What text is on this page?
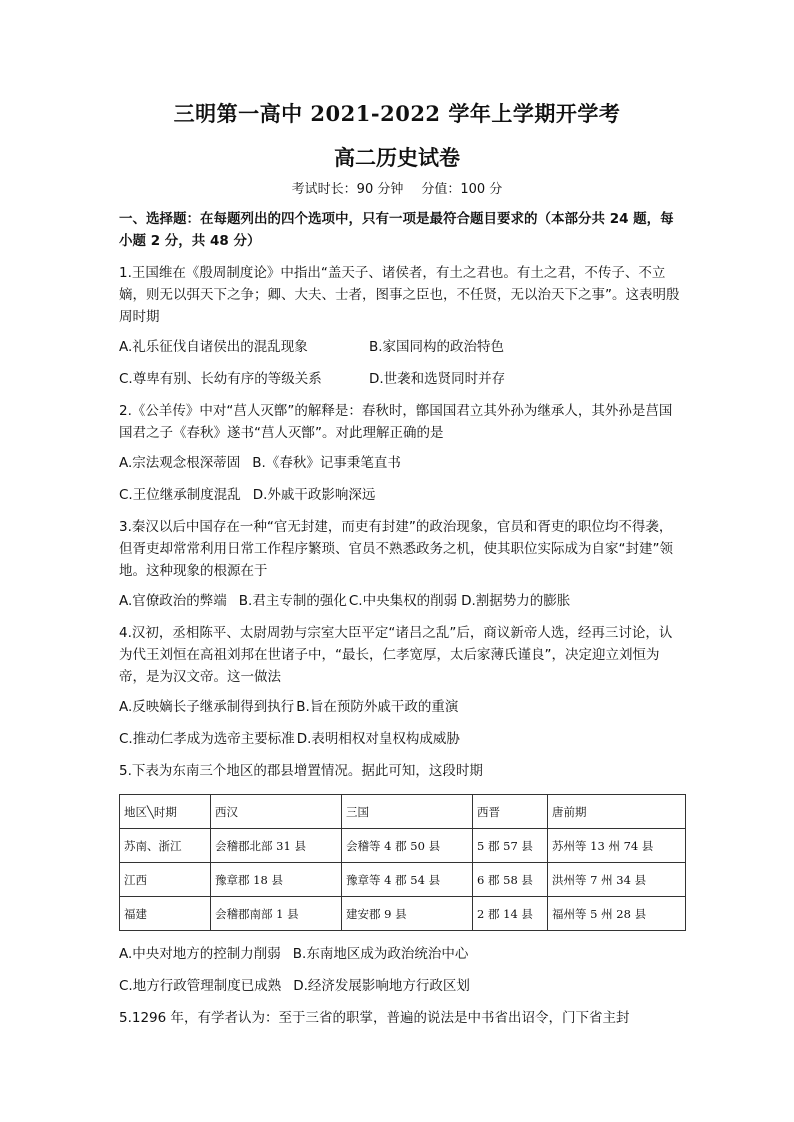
三明第一高中 2021-2022 学年上学期开学考
高二历史试卷
考试时长：90 分钟 分值：100 分
一、选择题：在每题列出的四个选项中，只有一项是最符合题目要求的（本部分共 24 题，每小题 2 分，共 48 分）
1.王国维在《殷周制度论》中指出“盖天子、诸侯者，有土之君也。有土之君，不传子、不立嫡，则无以弭天下之争；卿、大夫、士者，图事之臣也，不任贤，无以治天下之事”。这表明殷周时期
A.礼乐征伐自诸侯出的混乱现象	B.家国同构的政治特色
C.尊卑有别、长幼有序的等级关系	D.世袭和选贤同时并存
2.《公羊传》中对“莒人灭鄫”的解释是：春秋时，鄫国国君立其外孙为继承人，其外孙是莒国国君之子《春秋》遂书“莒人灭鄫”。对此理解正确的是
A.宗法观念根深蒂固 B.《春秋》记事秉笔直书
C.王位继承制度混乱 D.外戚干政影响深远
3.秦汉以后中国存在一种“官无封建，而吏有封建”的政治现象，官员和胥吏的职位均不得袭，但胥吏却常常利用日常工作程序繁琐、官员不熟悉政务之机，使其职位实际成为自家“封建”领地。这种现象的根源在于
A.官僚政治的弊端 B.君主专制的强化 C.中央集权的削弱 D.割据势力的膨胀
4.汉初，丞相陈平、太尉周勃与宗室大臣平定“诸吕之乱”后，商议新帝人选，经再三讨论，认为代王刘恒在高祖刘邦在世诸子中，“最长，仁孝宽厚，太后家薄氏谨良”，决定迎立刘恒为帝，是为汉文帝。这一做法
A.反映嫡长子继承制得到执行 B.旨在预防外戚干政的重演
C.推动仁孝成为选帝主要标准 D.表明相权对皇权构成威胁
5.下表为东南三个地区的郡县增置情况。据此可知，这段时期
地区╲时期	西汉	三国	西晋	唐前期
苏南、浙江	会稽郡北部 31 县	会稽等 4 郡 50 县	5 郡 57 县	苏州等 13 州 74 县
江西	豫章郡 18 县	豫章等 4 郡 54 县	6 郡 58 县	洪州等 7 州 34 县
福建	会稽郡南部 1 县	建安郡 9 县	2 郡 14 县	福州等 5 州 28 县
A.中央对地方的控制力削弱 B.东南地区成为政治统治中心
C.地方行政管理制度已成熟 D.经济发展影响地方行政区划
5.1296 年，有学者认为：至于三省的职掌，普遍的说法是中书省出诏令，门下省主封
